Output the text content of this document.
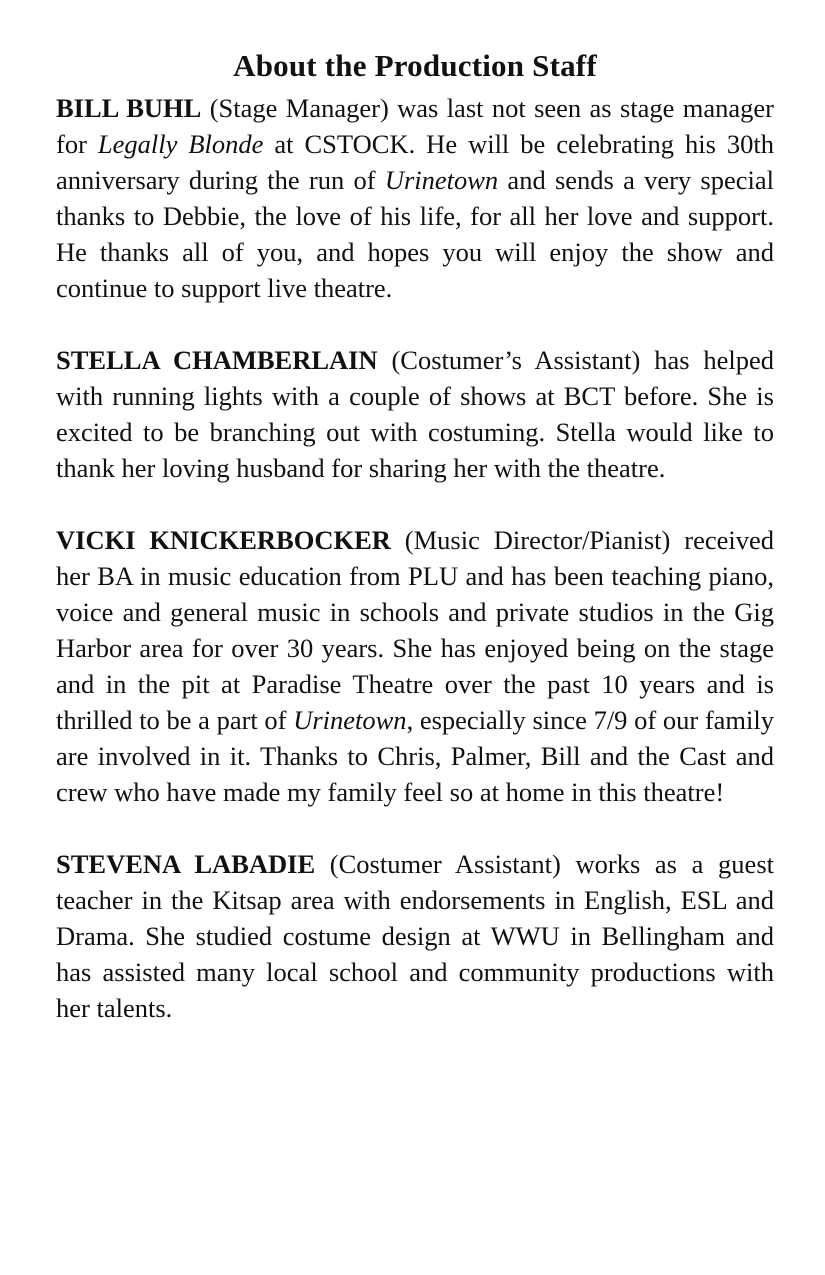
About the Production Staff

BILL BUHL (Stage Manager) was last not seen as stage manager for Legally Blonde at CSTOCK. He will be celebrating his 30th anniversary during the run of Urinetown and sends a very special thanks to Debbie, the love of his life, for all her love and support. He thanks all of you, and hopes you will enjoy the show and continue to support live theatre.

STELLA CHAMBERLAIN (Costumer’s Assistant) has helped with running lights with a couple of shows at BCT before. She is excited to be branching out with costuming. Stella would like to thank her loving husband for sharing her with the theatre.

VICKI KNICKERBOCKER (Music Director/Pianist) received her BA in music education from PLU and has been teaching piano, voice and general music in schools and private studios in the Gig Harbor area for over 30 years. She has enjoyed being on the stage and in the pit at Paradise Theatre over the past 10 years and is thrilled to be a part of Urinetown, especially since 7/9 of our family are involved in it. Thanks to Chris, Palmer, Bill and the Cast and crew who have made my family feel so at home in this theatre!

STEVENA LABADIE (Costumer Assistant) works as a guest teacher in the Kitsap area with endorsements in English, ESL and Drama. She studied costume design at WWU in Bellingham and has assisted many local school and community productions with her talents.
